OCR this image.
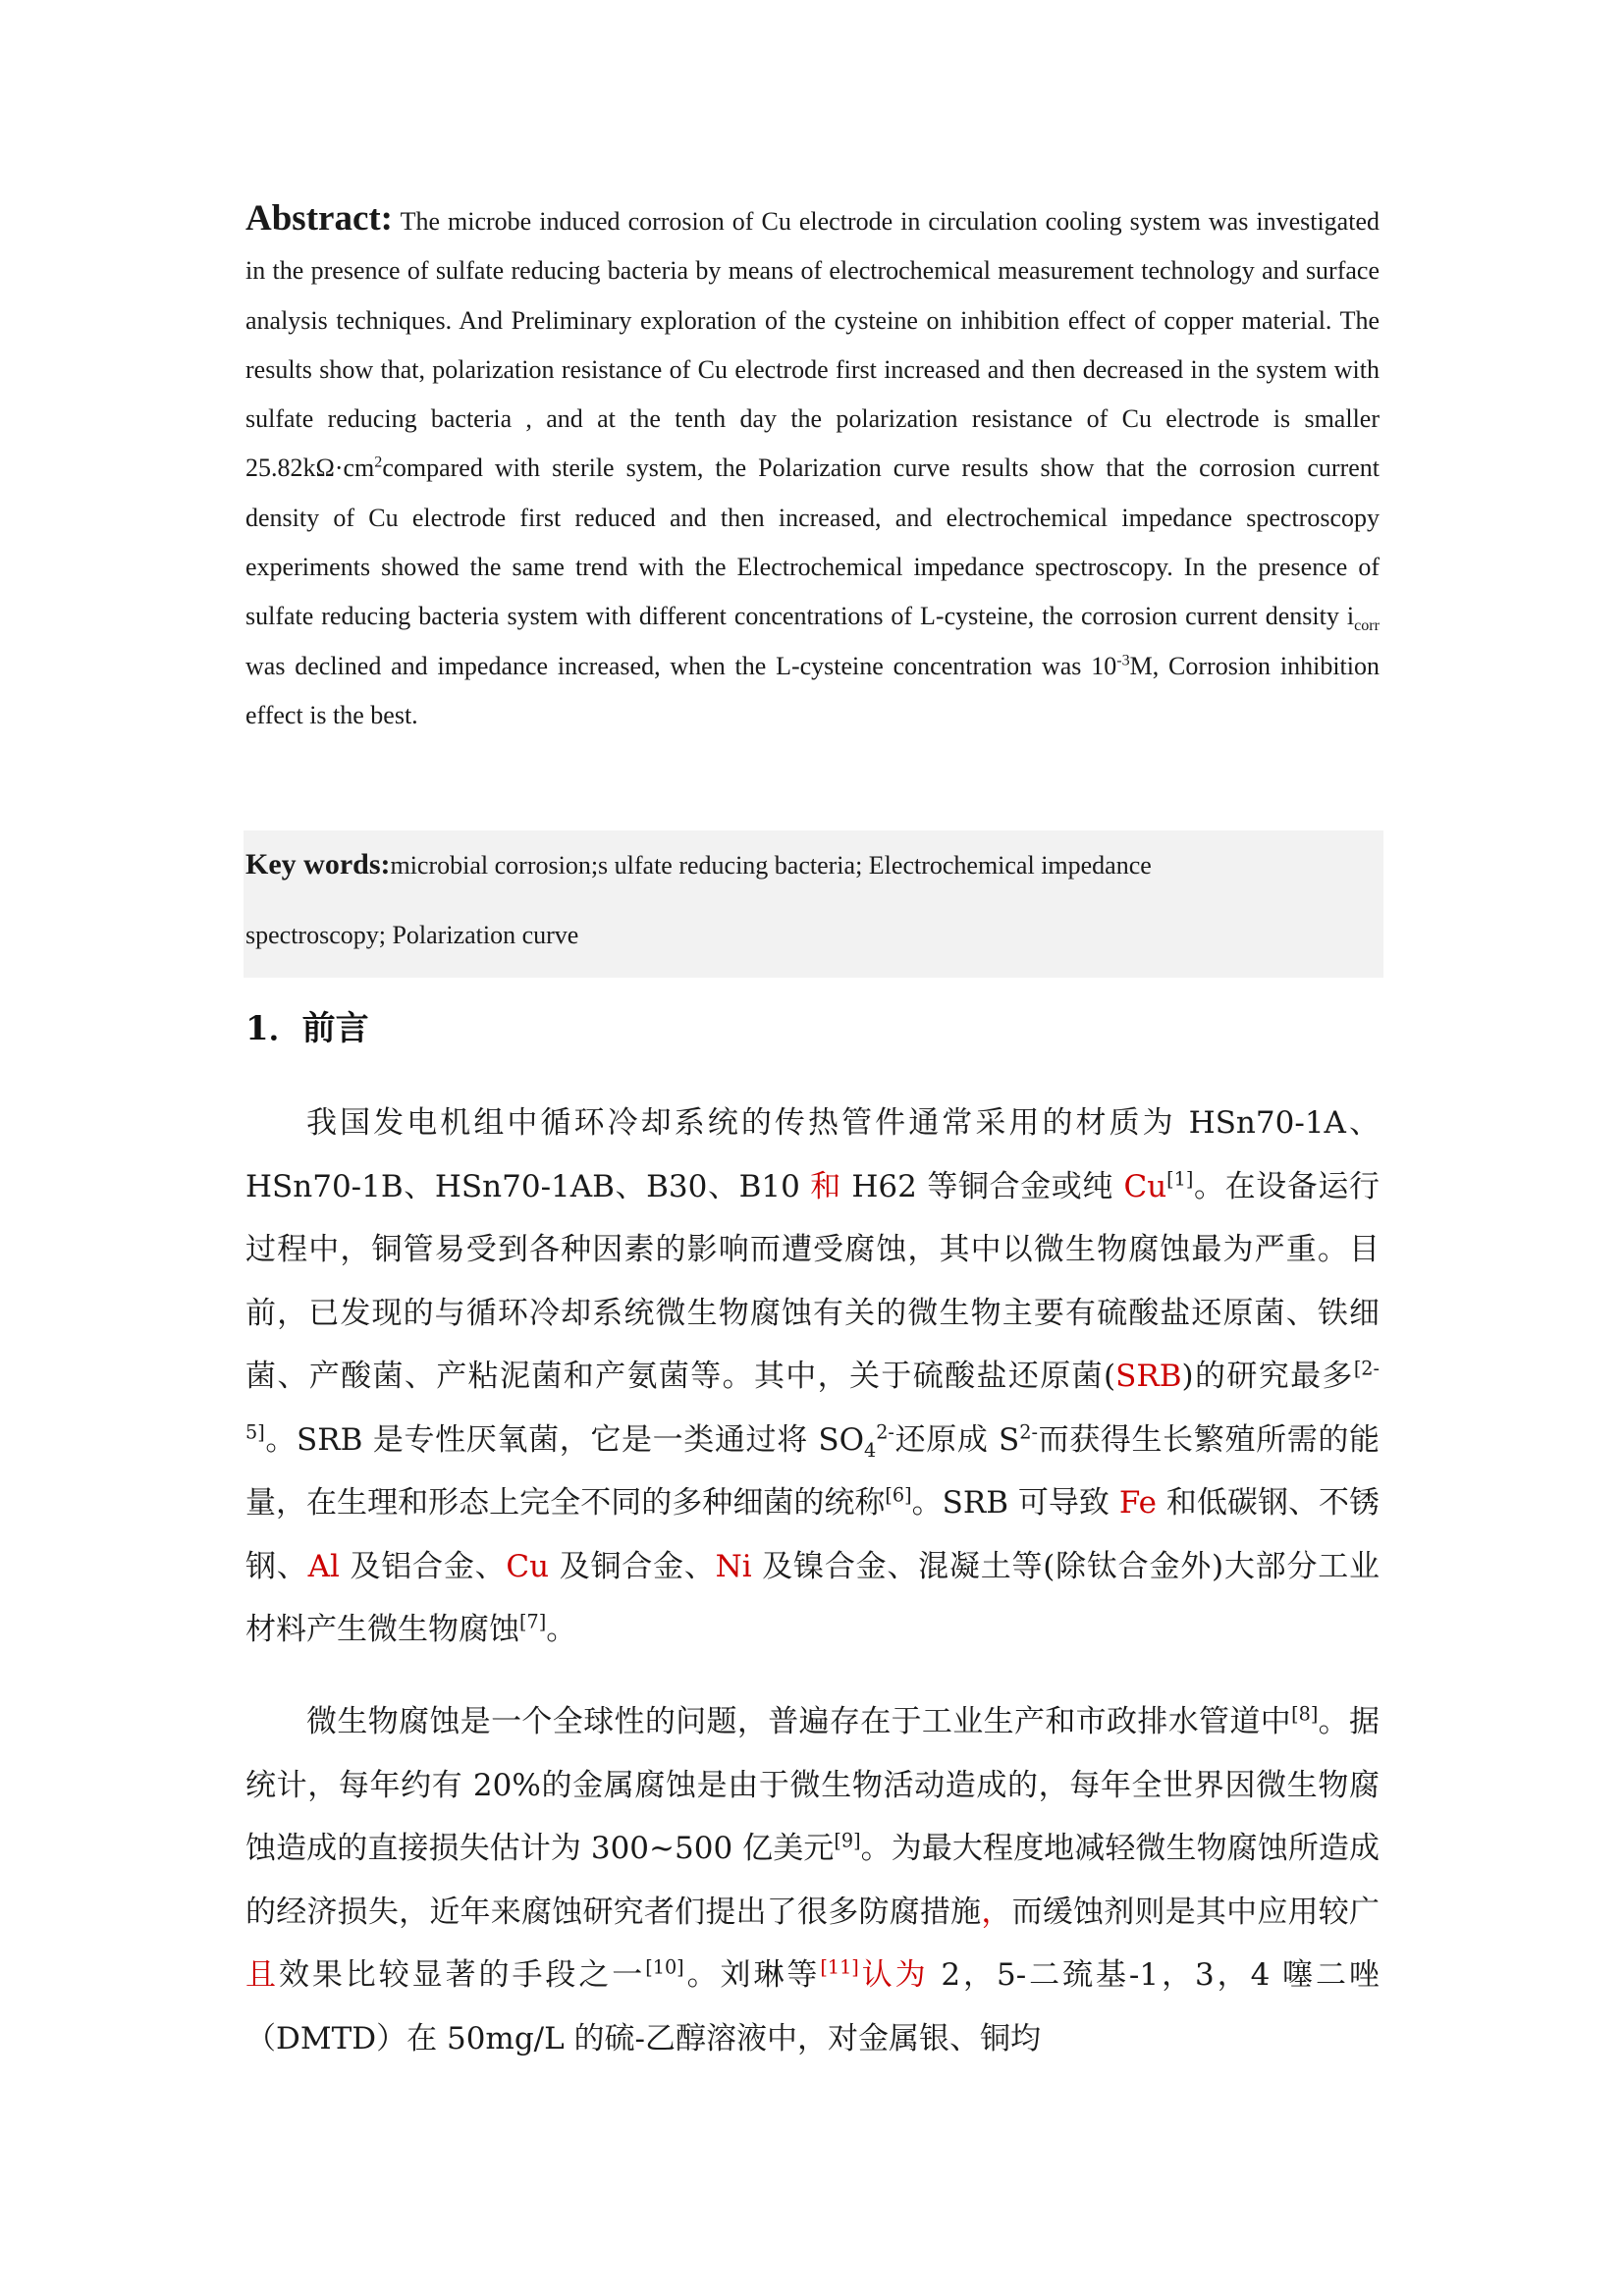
Abstract: The microbe induced corrosion of Cu electrode in circulation cooling system was investigated in the presence of sulfate reducing bacteria by means of electrochemical measurement technology and surface analysis techniques. And Preliminary exploration of the cysteine on inhibition effect of copper material. The results show that, polarization resistance of Cu electrode first increased and then decreased in the system with sulfate reducing bacteria , and at the tenth day the polarization resistance of Cu electrode is smaller $25.82k\Omega\cdot cm^2compared$ with sterile system, the Polarization curve results show that the corrosion current density of Cu electrode first reduced and then increased, and electrochemical impedance spectroscopy experiments showed the same trend with the Electrochemical impedance spectroscopy. In the presence of sulfate reducing bacteria system with different concentrations of L-cysteine, the corrosion current density $i_{corr}$ was declined and impedance increased, when the L-cysteine concentration was $10^{-3}M$, Corrosion inhibition effect is the best.
Key words:microbial corrosion;s ulfate reducing bacteria; Electrochemical impedance
spectroscopy; Polarization curve
1．前言
我国发电机组中循环冷却系统的传热管件通常采用的材质为 HSn70-1A、HSn70-1B、HSn70-1AB、B30、B10 和 H62 等铜合金或纯 Cu[1]。在设备运行过程中，铜管易受到各种因素的影响而遭受腐蚀，其中以微生物腐蚀最为严重。目前，已发现的与循环冷却系统微生物腐蚀有关的微生物主要有硫酸盐还原菌、铁细菌、产酸菌、产粘泥菌和产氨菌等。其中，关于硫酸盐还原菌(SRB)的研究最多[2-5]。SRB 是专性厌氧菌，它是一类通过将 $SO_4^{2-}$还原成 $S^{2-}$而获得生长繁殖所需的能量，在生理和形态上完全不同的多种细菌的统称[6]。SRB 可导致 Fe 和低碳钢、不锈钢、Al 及铝合金、Cu 及铜合金、Ni 及镍合金、混凝土等(除钛合金外)大部分工业材料产生微生物腐蚀[7]。
微生物腐蚀是一个全球性的问题，普遍存在于工业生产和市政排水管道中[8]。据统计，每年约有 20%的金属腐蚀是由于微生物活动造成的，每年全世界因微生物腐蚀造成的直接损失估计为 300~500 亿美元[9]。为最大程度地减轻微生物腐蚀所造成的经济损失，近年来腐蚀研究者们提出了很多防腐措施，而缓蚀剂则是其中应用较广且效果比较显著的手段之一[10]。刘琳等[11]认为 2，5-二巯基-1，3，4 噻二唑（DMTD）在 50mg/L 的硫-乙醇溶液中，对金属银、铜均
